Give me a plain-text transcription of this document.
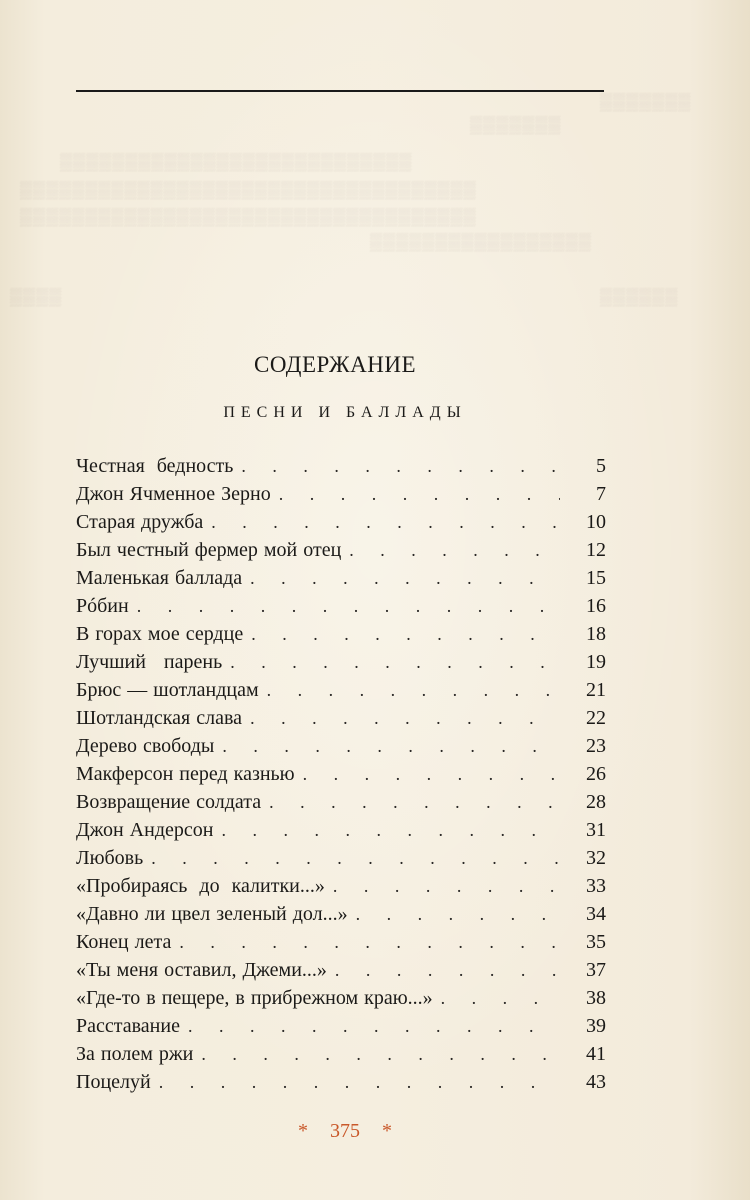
▒▒▒▒▒▒▒
▒▒▒▒▒▒▒
▒▒▒▒▒▒▒▒▒▒▒▒▒▒▒▒▒▒▒▒▒▒▒▒▒▒▒
▒▒▒▒▒▒▒▒▒▒▒▒▒▒▒▒▒▒▒▒▒▒▒▒▒▒▒▒▒▒▒▒▒▒▒
▒▒▒▒▒▒▒▒▒▒▒▒▒▒▒▒▒▒▒▒▒▒▒▒▒▒▒▒▒▒▒▒▒▒▒
▒▒▒▒▒▒▒▒▒▒▒▒▒▒▒▒▒
▒▒▒▒	▒▒▒▒▒▒
СОДЕРЖАНИЕ
ПЕСНИ И БАЛЛАДЫ
Честная  бедность . . .	5
Джон Ячменное Зерно . . .	7
Старая дружба . . .	10
Был честный фермер мой отец . . .	12
Маленькая баллада . . .	15
Рóбин . . .	16
В горах мое сердце . . .	18
Лучший   парень . . .	19
Брюс — шотландцам . . .	21
Шотландская слава . . .	22
Дерево свободы . . .	23
Макферсон перед казнью . . .	26
Возвращение солдата . . .	28
Джон Андерсон . . .	31
Любовь . . .	32
«Пробираясь  до  калитки...» . . .	33
«Давно ли цвел зеленый дол...» . . .	34
Конец лета . . .	35
«Ты меня оставил, Джеми...» . . .	37
«Где-то в пещере, в прибрежном краю...» . . .	38
Расставание . . .	39
За полем ржи . . .	41
Поцелуй . . .	43
* 375 *
